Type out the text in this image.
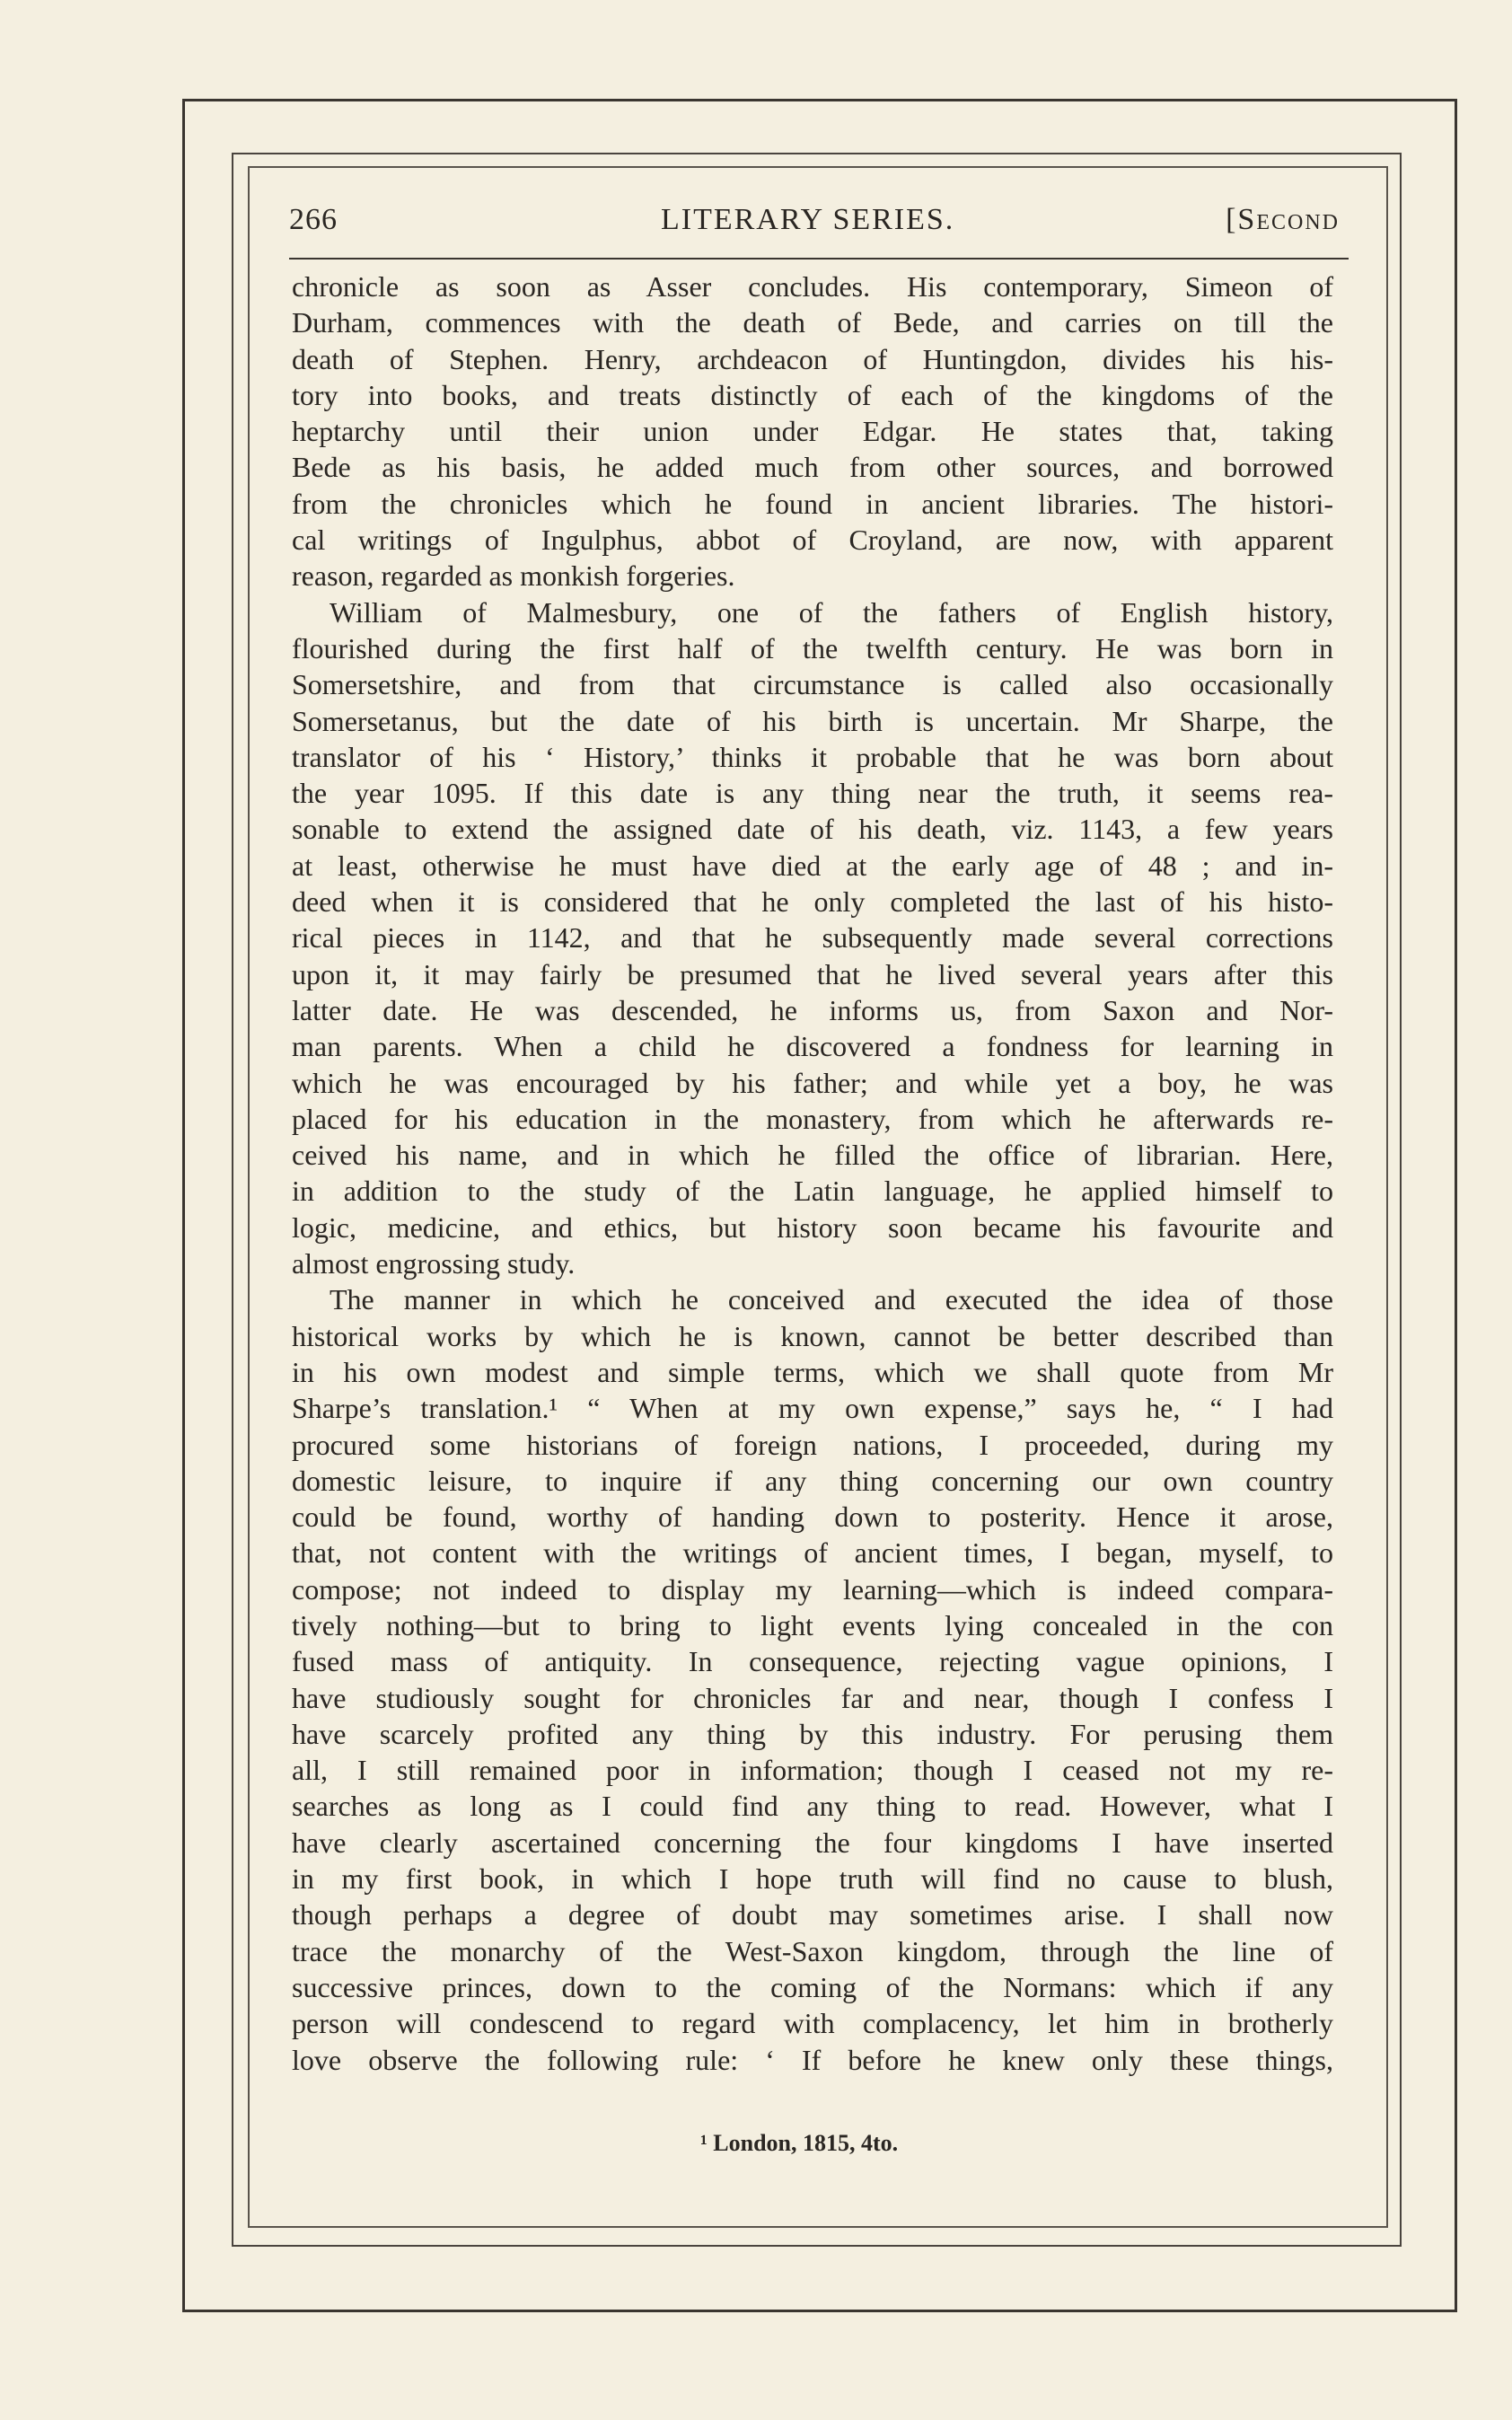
266	LITERARY SERIES.	[Second
chronicle as soon as Asser concludes. His contemporary, Simeon of
Durham, commences with the death of Bede, and carries on till the
death of Stephen. Henry, archdeacon of Huntingdon, divides his his-
tory into books, and treats distinctly of each of the kingdoms of the
heptarchy until their union under Edgar. He states that, taking
Bede as his basis, he added much from other sources, and borrowed
from the chronicles which he found in ancient libraries. The histori-
cal writings of Ingulphus, abbot of Croyland, are now, with apparent
reason, regarded as monkish forgeries.
William of Malmesbury, one of the fathers of English history,
flourished during the first half of the twelfth century. He was born in
Somersetshire, and from that circumstance is called also occasionally
Somersetanus, but the date of his birth is uncertain. Mr Sharpe, the
translator of his ‘ History,’ thinks it probable that he was born about
the year 1095. If this date is any thing near the truth, it seems rea-
sonable to extend the assigned date of his death, viz. 1143, a few years
at least, otherwise he must have died at the early age of 48 ; and in-
deed when it is considered that he only completed the last of his histo-
rical pieces in 1142, and that he subsequently made several corrections
upon it, it may fairly be presumed that he lived several years after this
latter date. He was descended, he informs us, from Saxon and Nor-
man parents. When a child he discovered a fondness for learning in
which he was encouraged by his father; and while yet a boy, he was
placed for his education in the monastery, from which he afterwards re-
ceived his name, and in which he filled the office of librarian. Here,
in addition to the study of the Latin language, he applied himself to
logic, medicine, and ethics, but history soon became his favourite and
almost engrossing study.
The manner in which he conceived and executed the idea of those
historical works by which he is known, cannot be better described than
in his own modest and simple terms, which we shall quote from Mr
Sharpe’s translation.¹ “ When at my own expense,” says he, “ I had
procured some historians of foreign nations, I proceeded, during my
domestic leisure, to inquire if any thing concerning our own country
could be found, worthy of handing down to posterity. Hence it arose,
that, not content with the writings of ancient times, I began, myself, to
compose; not indeed to display my learning—which is indeed compara-
tively nothing—but to bring to light events lying concealed in the con
fused mass of antiquity. In consequence, rejecting vague opinions, I
have studiously sought for chronicles far and near, though I confess I
have scarcely profited any thing by this industry. For perusing them
all, I still remained poor in information; though I ceased not my re-
searches as long as I could find any thing to read. However, what I
have clearly ascertained concerning the four kingdoms I have inserted
in my first book, in which I hope truth will find no cause to blush,
though perhaps a degree of doubt may sometimes arise. I shall now
trace the monarchy of the West-Saxon kingdom, through the line of
successive princes, down to the coming of the Normans: which if any
person will condescend to regard with complacency, let him in brotherly
love observe the following rule: ‘ If before he knew only these things,
¹ London, 1815, 4to.
